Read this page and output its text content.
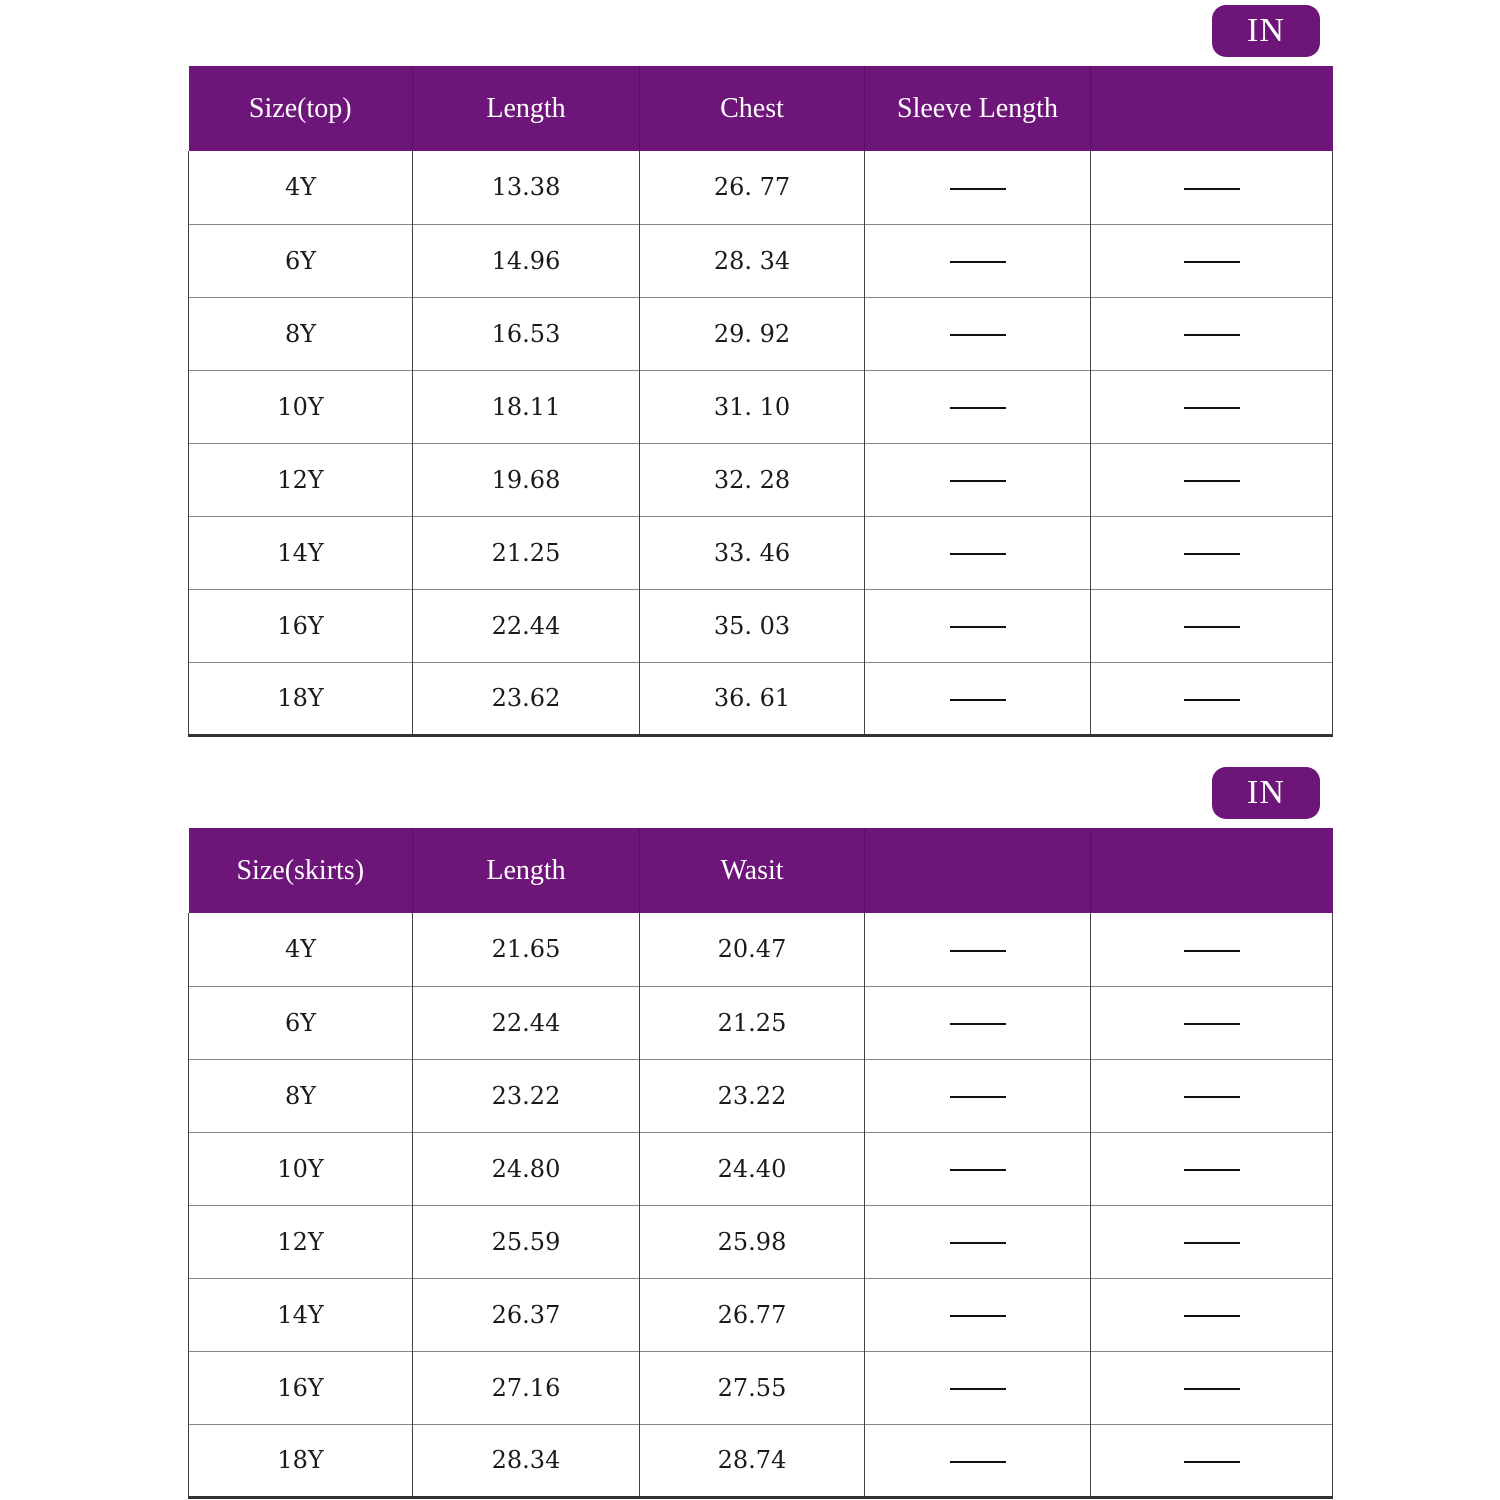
IN
Size(top)	Length	Chest	Sleeve Length	
4Y	13.38	26. 77		
6Y	14.96	28. 34		
8Y	16.53	29. 92		
10Y	18.11	31. 10		
12Y	19.68	32. 28		
14Y	21.25	33. 46		
16Y	22.44	35. 03		
18Y	23.62	36. 61		
IN
Size(skirts)	Length	Wasit		
4Y	21.65	20.47		
6Y	22.44	21.25		
8Y	23.22	23.22		
10Y	24.80	24.40		
12Y	25.59	25.98		
14Y	26.37	26.77		
16Y	27.16	27.55		
18Y	28.34	28.74		
